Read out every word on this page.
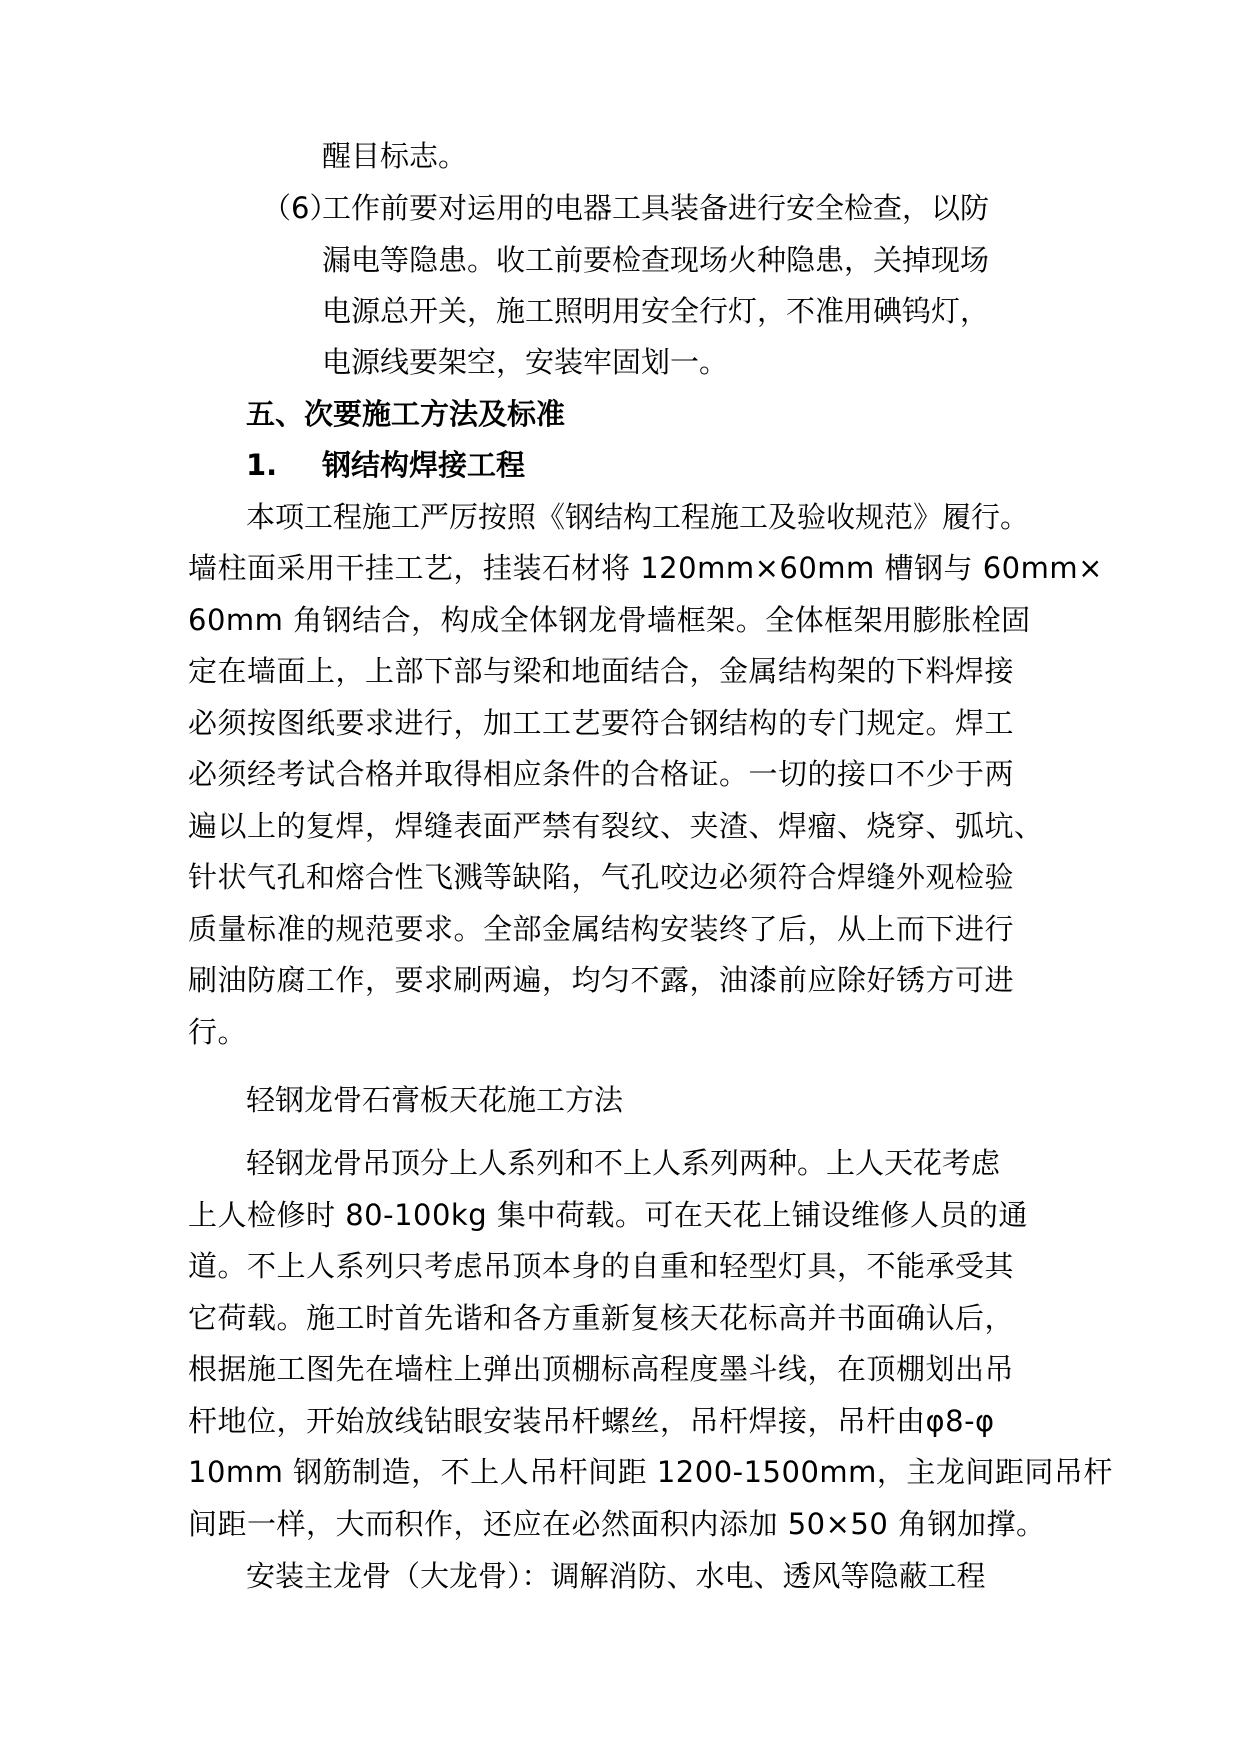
醒目标志。
（6）
工作前要对运用的电器工具装备进行安全检查，以防
漏电等隐患。收工前要检查现场火种隐患，关掉现场
电源总开关，施工照明用安全行灯，不准用碘钨灯，
电源线要架空，安装牢固划一。
五、次要施工方法及标准
1. 钢结构焊接工程
本项工程施工严厉按照《钢结构工程施工及验收规范》履行。
墙柱面采用干挂工艺，挂装石材将 120mm×60mm 槽钢与 60mm×
60mm 角钢结合，构成全体钢龙骨墙框架。全体框架用膨胀栓固
定在墙面上，上部下部与梁和地面结合，金属结构架的下料焊接
必须按图纸要求进行，加工工艺要符合钢结构的专门规定。焊工
必须经考试合格并取得相应条件的合格证。一切的接口不少于两
遍以上的复焊，焊缝表面严禁有裂纹、夹渣、焊瘤、烧穿、弧坑、
针状气孔和熔合性飞溅等缺陷，气孔咬边必须符合焊缝外观检验
质量标准的规范要求。全部金属结构安装终了后，从上而下进行
刷油防腐工作，要求刷两遍，均匀不露，油漆前应除好锈方可进
行。
轻钢龙骨石膏板天花施工方法
轻钢龙骨吊顶分上人系列和不上人系列两种。上人天花考虑
上人检修时 80-100kg 集中荷载。可在天花上铺设维修人员的通
道。不上人系列只考虑吊顶本身的自重和轻型灯具，不能承受其
它荷载。施工时首先谐和各方重新复核天花标高并书面确认后，
根据施工图先在墙柱上弹出顶棚标高程度墨斗线，在顶棚划出吊
杆地位，开始放线钻眼安装吊杆螺丝，吊杆焊接，吊杆由φ8-φ
10mm 钢筋制造，不上人吊杆间距 1200-1500mm，主龙间距同吊杆
间距一样，大而积作，还应在必然面积内添加 50×50 角钢加撑。
安装主龙骨（大龙骨）：调解消防、水电、透风等隐蔽工程
